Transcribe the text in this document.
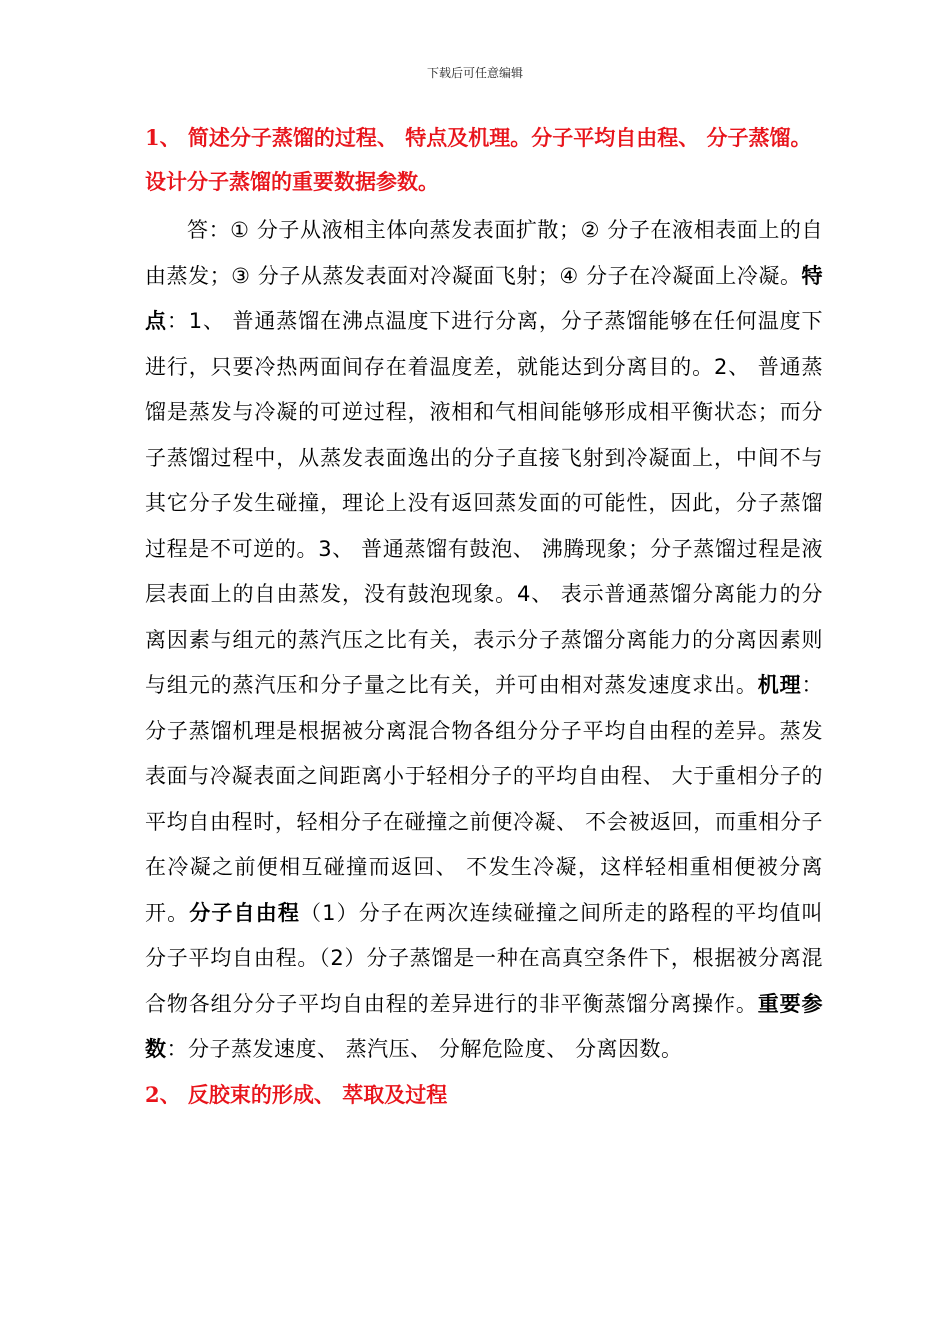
下载后可任意编辑

1、 简述分子蒸馏的过程、 特点及机理。分子平均自由程、 分子蒸馏。设计分子蒸馏的重要数据参数。

答：① 分子从液相主体向蒸发表面扩散；② 分子在液相表面上的自由蒸发；③ 分子从蒸发表面对冷凝面飞射；④ 分子在冷凝面上冷凝。特点：1、 普通蒸馏在沸点温度下进行分离，分子蒸馏能够在任何温度下进行，只要冷热两面间存在着温度差，就能达到分离目的。2、 普通蒸馏是蒸发与冷凝的可逆过程，液相和气相间能够形成相平衡状态；而分子蒸馏过程中，从蒸发表面逸出的分子直接飞射到冷凝面上，中间不与其它分子发生碰撞，理论上没有返回蒸发面的可能性，因此，分子蒸馏过程是不可逆的。3、 普通蒸馏有鼓泡、 沸腾现象；分子蒸馏过程是液层表面上的自由蒸发，没有鼓泡现象。4、 表示普通蒸馏分离能力的分离因素与组元的蒸汽压之比有关，表示分子蒸馏分离能力的分离因素则与组元的蒸汽压和分子量之比有关，并可由相对蒸发速度求出。机理：分子蒸馏机理是根据被分离混合物各组分分子平均自由程的差异。蒸发表面与冷凝表面之间距离小于轻相分子的平均自由程、 大于重相分子的平均自由程时，轻相分子在碰撞之前便冷凝、 不会被返回，而重相分子在冷凝之前便相互碰撞而返回、 不发生冷凝，这样轻相重相便被分离开。分子自由程（1）分子在两次连续碰撞之间所走的路程的平均值叫分子平均自由程。（2）分子蒸馏是一种在高真空条件下，根据被分离混合物各组分分子平均自由程的差异进行的非平衡蒸馏分离操作。重要参数：分子蒸发速度、 蒸汽压、 分解危险度、 分离因数。

2、 反胶束的形成、 萃取及过程
